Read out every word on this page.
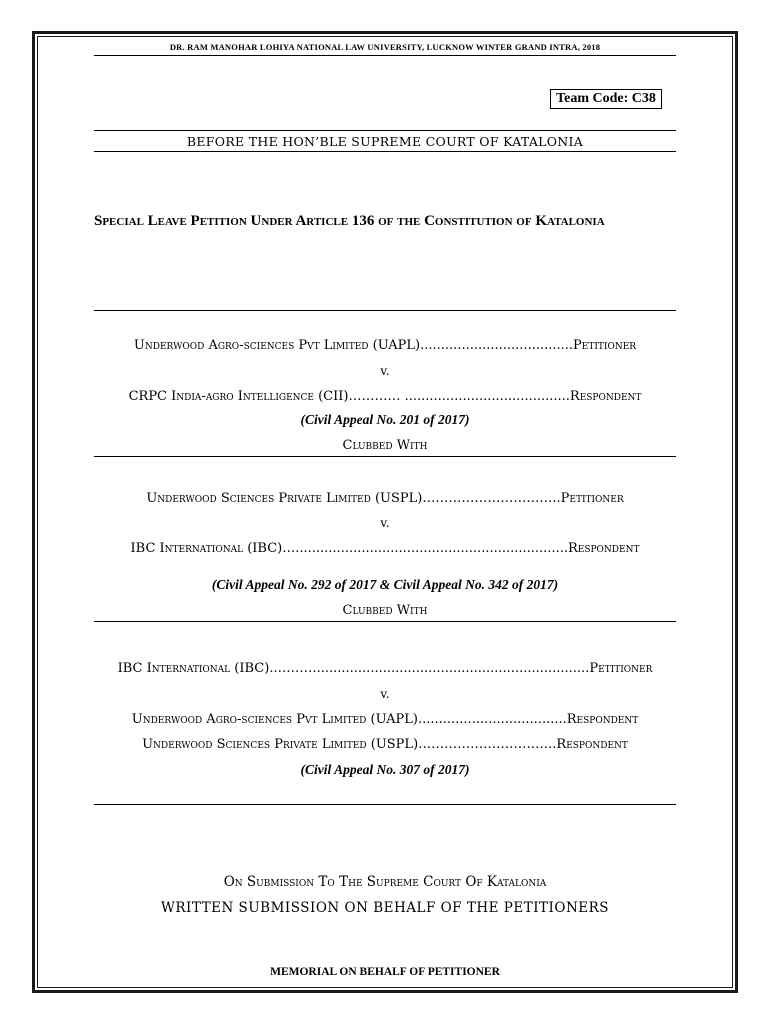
DR. RAM MANOHAR LOHIYA NATIONAL LAW UNIVERSITY, LUCKNOW WINTER GRAND INTRA, 2018
Team Code: C38
BEFORE THE HON’BLE SUPREME COURT OF KATALONIA
Special Leave Petition Under Article 136 of the Constitution of Katalonia
Underwood Agro-sciences Pvt Limited (UAPL).....................................Petitioner
v.
CRPC India-agro Intelligence (CII)………… ........................................Respondent
(Civil Appeal No. 201 of 2017)
Clubbed With
Underwood Sciences Private Limited (USPL)…………………………..Petitioner
v.
IBC International (IBC)…..................................................................Respondent
(Civil Appeal No. 292 of 2017 & Civil Appeal No. 342 of 2017)
Clubbed With
IBC International (IBC)..………..................................................................Petitioner
v.
Underwood Agro-sciences Pvt Limited (UAPL)....................................Respondent
Underwood Sciences Private Limited (USPL)…………………………..Respondent
(Civil Appeal No. 307 of 2017)
On Submission To The Supreme Court Of Katalonia
WRITTEN SUBMISSION ON BEHALF OF THE PETITIONERS
MEMORIAL ON BEHALF OF PETITIONER
